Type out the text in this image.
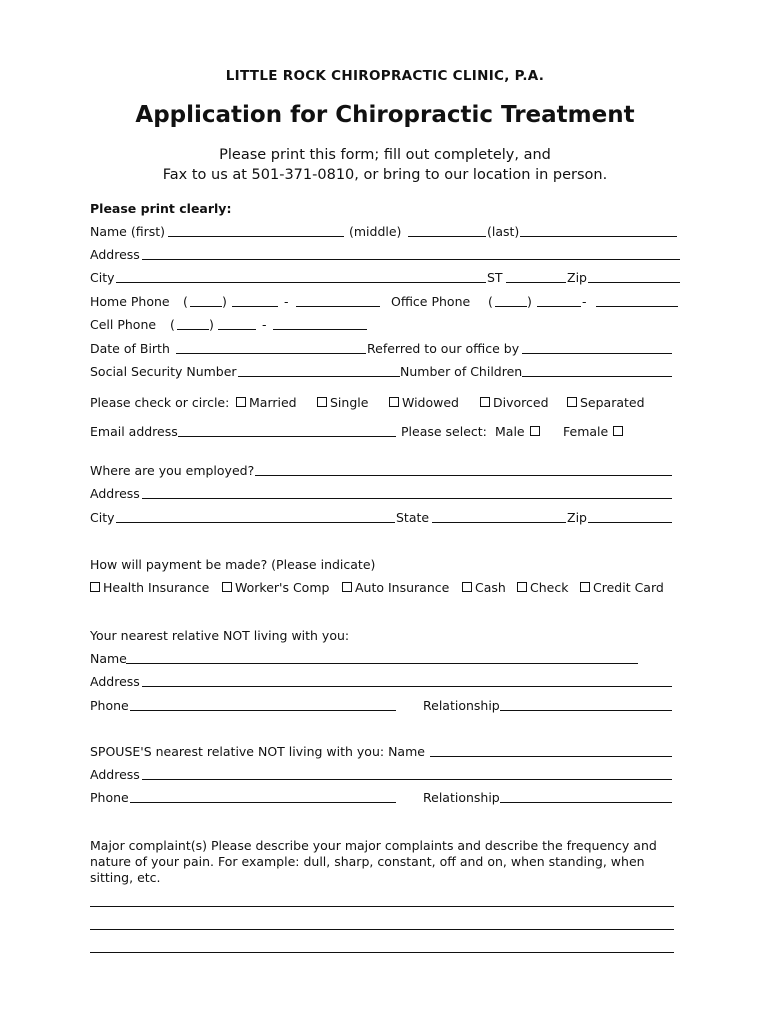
LITTLE ROCK CHIROPRACTIC CLINIC, P.A.
Application for Chiropractic Treatment
Please print this form; fill out completely, and
Fax to us at 501-371-0810, or bring to our location in person.
Please print clearly:
Name (first)	(middle)	(last)
Address
City	ST	Zip
Home Phone (	)	-	Office Phone (	)	-
Cell Phone (	)	-
Date of Birth	Referred to our office by
Social Security Number	Number of Children
Please check or circle:	Married	Single	Widowed	Divorced	Separated
Email address	Please select: Male	Female
Where are you employed?
Address
City	State	Zip
How will payment be made? (Please indicate)
Health Insurance	Worker's Comp	Auto Insurance	Cash	Check	Credit Card
Your nearest relative NOT living with you:
Name
Address
Phone	Relationship
SPOUSE'S nearest relative NOT living with you: Name
Address
Phone	Relationship
Major complaint(s) Please describe your major complaints and describe the frequency and nature of your pain. For example: dull, sharp, constant, off and on, when standing, when sitting, etc.
